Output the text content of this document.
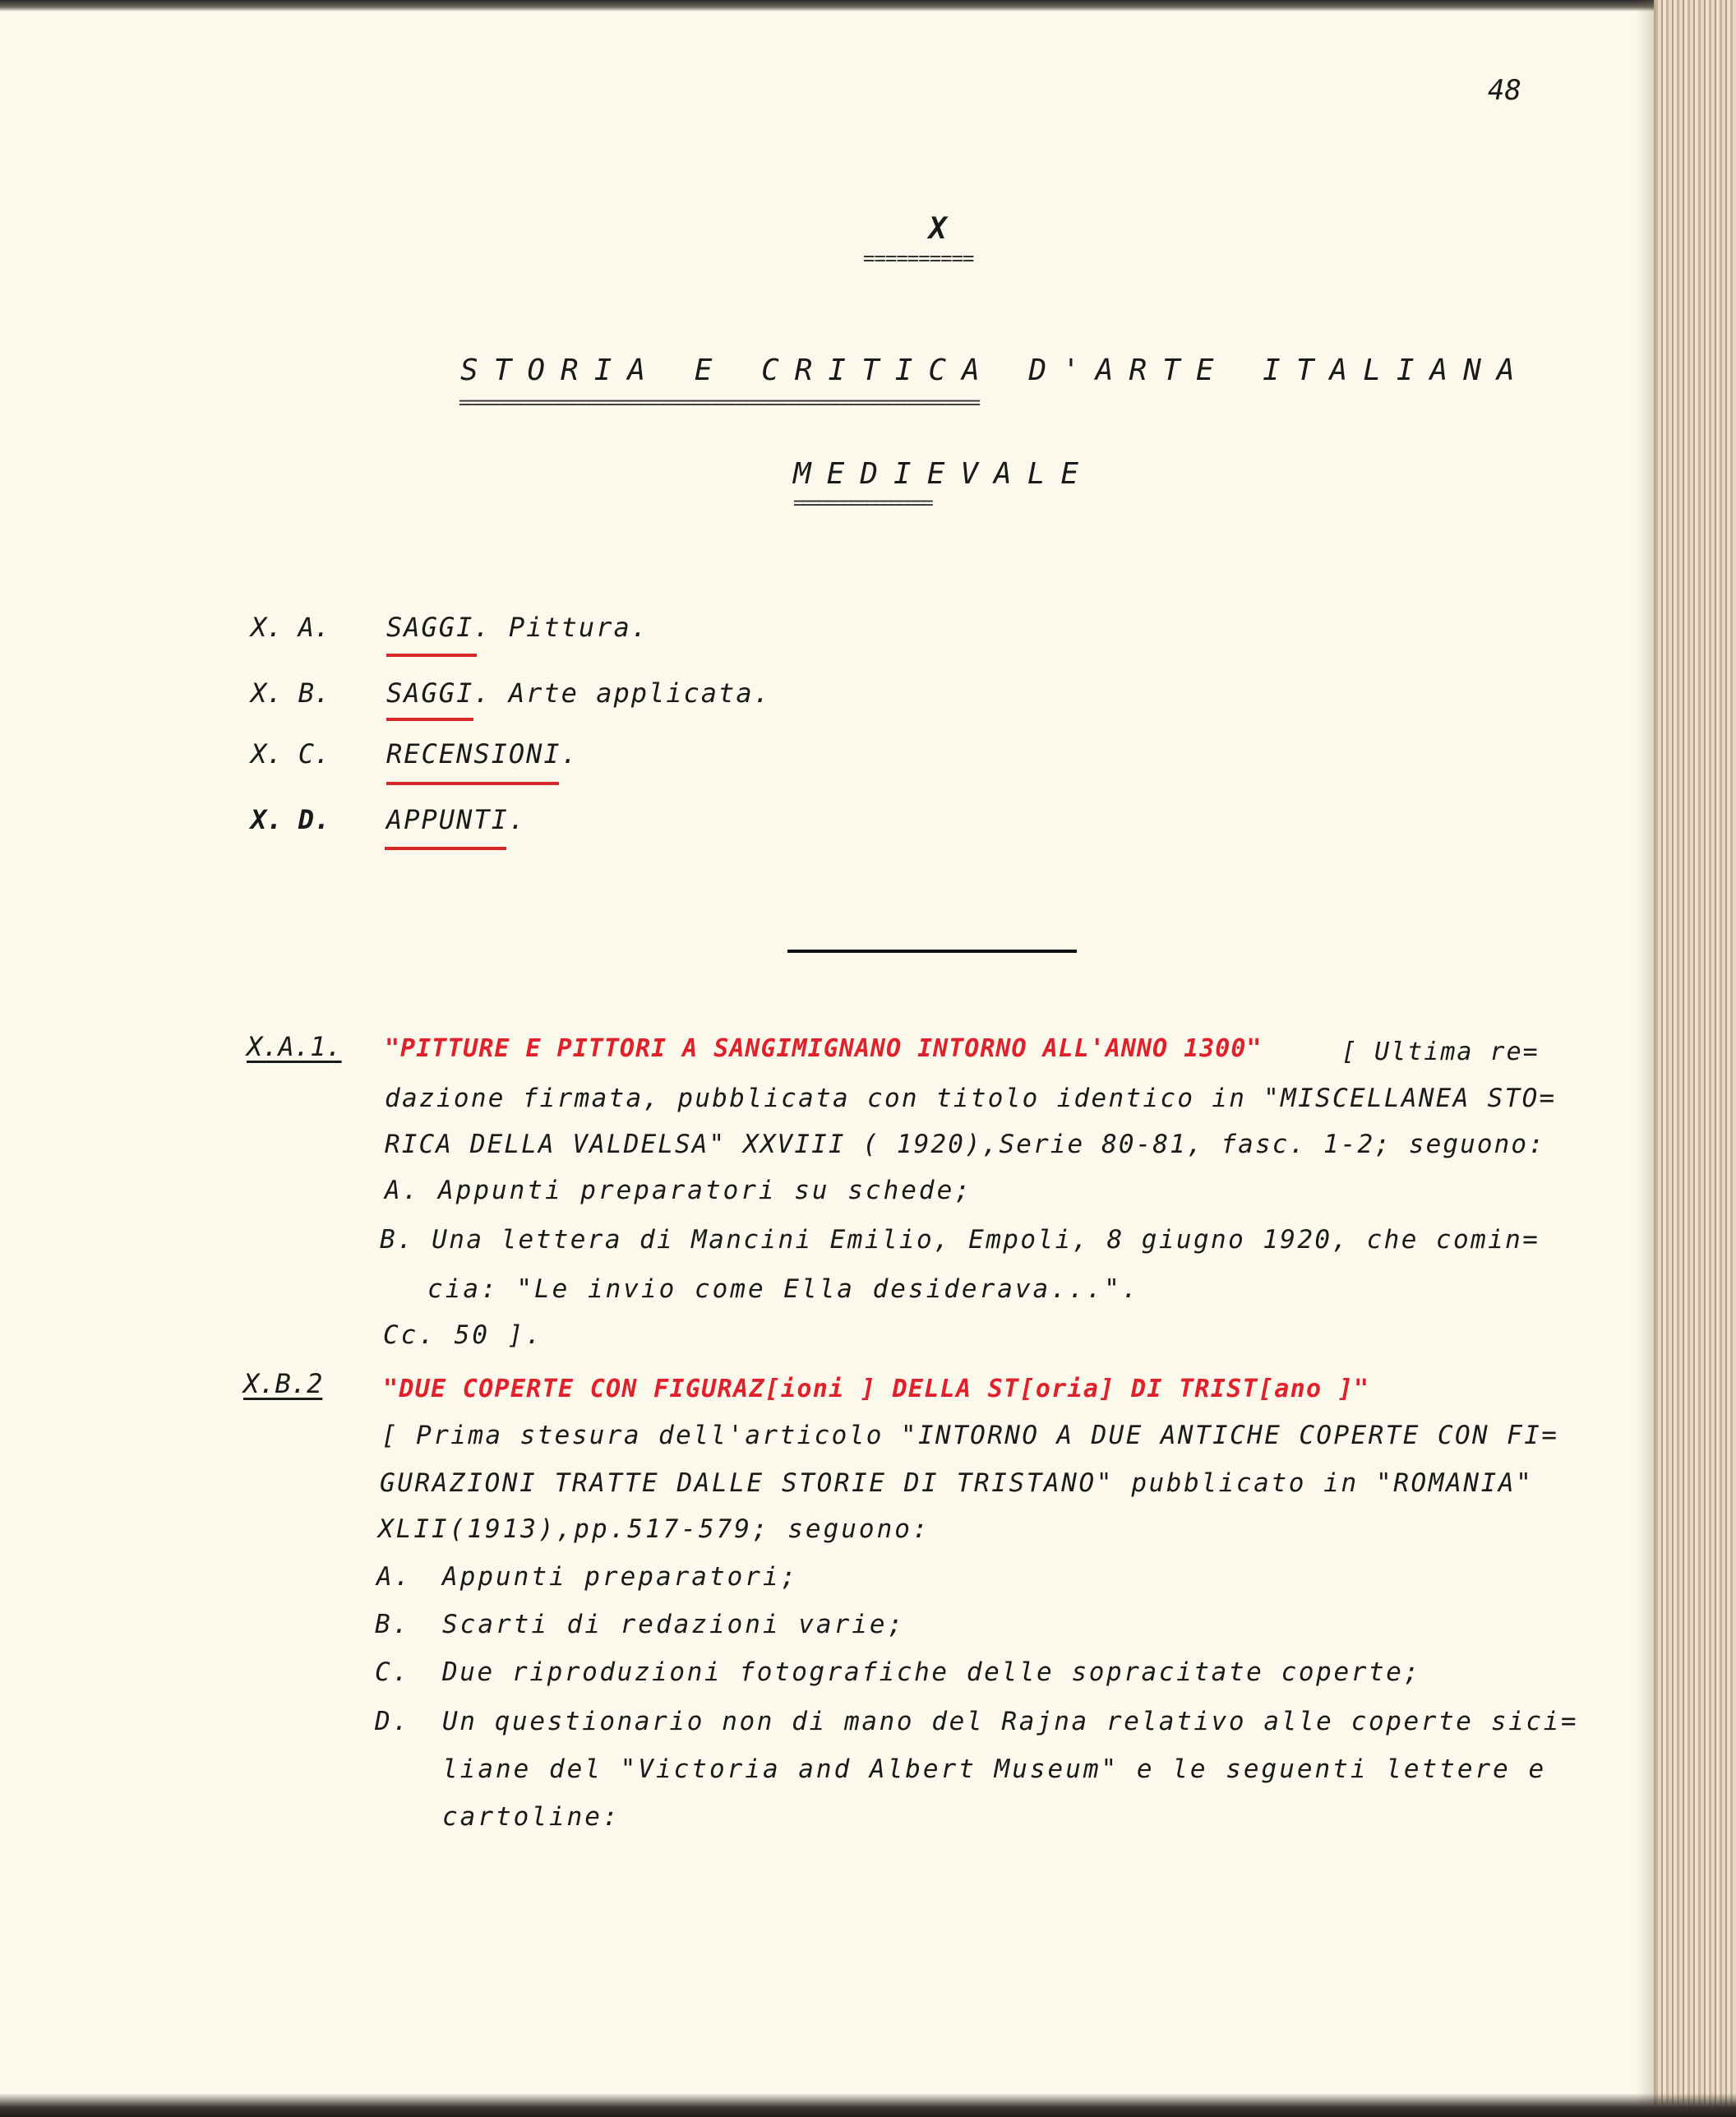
48
X
==========
STORIA E CRITICA D'ARTE ITALIANA
=====================================================================
MEDIEVALE
=================
X. A. SAGGI. Pittura.
X. B. SAGGI. Arte applicata.
X. C. RECENSIONI.
X. D. APPUNTI.
X.A.1. "PITTURE E PITTORI A SANGIMIGNANO INTORNO ALL'ANNO 1300"	[ Ultima re=
dazione firmata, pubblicata con titolo identico in "MISCELLANEA STO=
RICA DELLA VALDELSA" XXVIII ( 1920),Serie 80-81, fasc. 1-2; seguono:
A. Appunti preparatori su schede;
B. Una lettera di Mancini Emilio, Empoli, 8 giugno 1920, che comin=
cia: "Le invio come Ella desiderava...".
Cc. 50 ].
X.B.2 "DUE COPERTE CON FIGURAZ[ioni ] DELLA ST[oria] DI TRIST[ano ]"
[ Prima stesura dell'articolo "INTORNO A DUE ANTICHE COPERTE CON FI=
GURAZIONI TRATTE DALLE STORIE DI TRISTANO" pubblicato in "ROMANIA"
XLII(1913),pp.517-579; seguono:
A. Appunti preparatori;
B. Scarti di redazioni varie;
C. Due riproduzioni fotografiche delle sopracitate coperte;
D. Un questionario non di mano del Rajna relativo alle coperte sici=
liane del "Victoria and Albert Museum" e le seguenti lettere e
cartoline:
